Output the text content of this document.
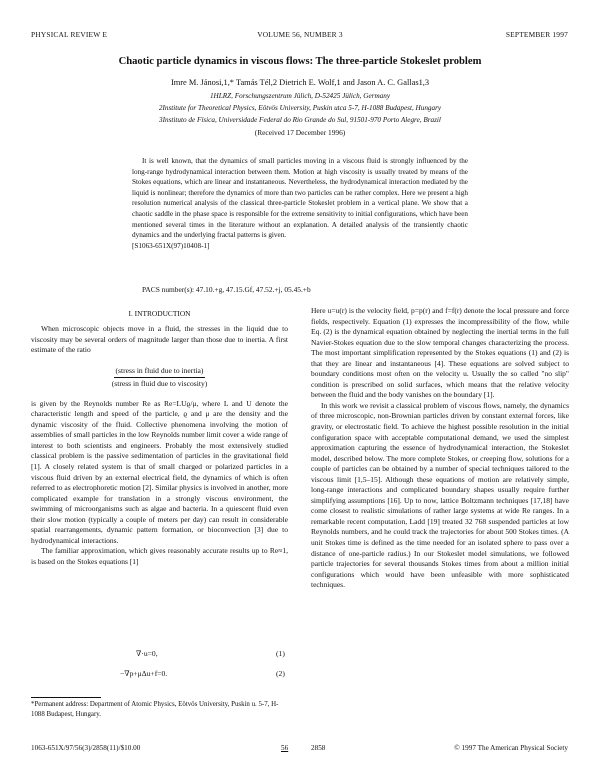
PHYSICAL REVIEW E	VOLUME 56, NUMBER 3	SEPTEMBER 1997
Chaotic particle dynamics in viscous flows: The three-particle Stokeslet problem
Imre M. Jánosi,1,* Tamás Tél,2 Dietrich E. Wolf,1 and Jason A. C. Gallas1,3
1HLRZ, Forschungszentrum Jülich, D-52425 Jülich, Germany
2Institute for Theoretical Physics, Eötvös University, Puskin utca 5-7, H-1088 Budapest, Hungary
3Instituto de Física, Universidade Federal do Rio Grande do Sul, 91501-970 Porto Alegre, Brazil
(Received 17 December 1996)
It is well known, that the dynamics of small particles moving in a viscous fluid is strongly influenced by the long-range hydrodynamical interaction between them. Motion at high viscosity is usually treated by means of the Stokes equations, which are linear and instantaneous. Nevertheless, the hydrodynamical interaction mediated by the liquid is nonlinear; therefore the dynamics of more than two particles can be rather complex. Here we present a high resolution numerical analysis of the classical three-particle Stokeslet problem in a vertical plane. We show that a chaotic saddle in the phase space is responsible for the extreme sensitivity to initial configurations, which have been mentioned several times in the literature without an explanation. A detailed analysis of the transiently chaotic dynamics and the underlying fractal patterns is given.
[S1063-651X(97)10408-1]
PACS number(s): 47.10.+g, 47.15.Gf, 47.52.+j, 05.45.+b
I. INTRODUCTION

When microscopic objects move in a fluid, the stresses in the liquid due to viscosity may be several orders of magnitude larger than those due to inertia. A first estimate of the ratio

(stress in fluid due to inertia)
(stress in fluid due to viscosity)

is given by the Reynolds number Re as Re=LUϱ/μ, where L and U denote the characteristic length and speed of the particle, ϱ and μ are the density and the dynamic viscosity of the fluid. Collective phenomena involving the motion of assemblies of small particles in the low Reynolds number limit cover a wide range of interest to both scientists and engineers. Probably the most extensively studied classical problem is the passive sedimentation of particles in the gravitational field [1]. A closely related system is that of small charged or polarized particles in a viscous fluid driven by an external electrical field, the dynamics of which is often referred to as electrophoretic motion [2]. Similar physics is involved in another, more complicated example for translation in a strongly viscous environment, the swimming of microorganisms such as algae and bacteria. In a quiescent fluid even their slow motion (typically a couple of meters per day) can result in considerable spatial rearrangements, dynamic pattern formation, or bioconvection [3] due to hydrodynamical interactions.

The familiar approximation, which gives reasonably accurate results up to Re≈1, is based on the Stokes equations [1]

∇·u=0,	(1)
−∇p+μΔu+f=0.	(2)
*Permanent address: Department of Atomic Physics, Eötvös University, Puskin u. 5-7, H-1088 Budapest, Hungary.

Here u=u(r) is the velocity field, p=p(r) and f=f(r) denote the local pressure and force fields, respectively. Equation (1) expresses the incompressibility of the flow, while Eq. (2) is the dynamical equation obtained by neglecting the inertial terms in the full Navier-Stokes equation due to the slow temporal changes characterizing the process. The most important simplification represented by the Stokes equations (1) and (2) is that they are linear and instantaneous [4]. These equations are solved subject to boundary conditions most often on the velocity u. Usually the so called "no slip" condition is prescribed on solid surfaces, which means that the relative velocity between the fluid and the body vanishes on the boundary [1].

In this work we revisit a classical problem of viscous flows, namely, the dynamics of three microscopic, non-Brownian particles driven by constant external forces, like gravity, or electrostatic field. To achieve the highest possible resolution in the initial configuration space with acceptable computational demand, we used the simplest approximation capturing the essence of hydrodynamical interaction, the Stokeslet model, described below. The more complete Stokes, or creeping flow, solutions for a couple of particles can be obtained by a number of special techniques tailored to the viscous limit [1,5–15]. Although these equations of motion are relatively simple, long-range interactions and complicated boundary shapes usually require further simplifying assumptions [16]. Up to now, lattice Boltzmann techniques [17,18] have come closest to realistic simulations of rather large systems at wide Re ranges. In a remarkable recent computation, Ladd [19] treated 32 768 suspended particles at low Reynolds numbers, and he could track the trajectories for about 500 Stokes times. (A unit Stokes time is defined as the time needed for an isolated sphere to pass over a distance of one-particle radius.) In our Stokeslet model simulations, we followed particle trajectories for several thousands Stokes times from about a million initial configurations which would have been unfeasible with more sophisticated techniques.

1063-651X/97/56(3)/2858(11)/$10.00	56	2858	© 1997 The American Physical Society
